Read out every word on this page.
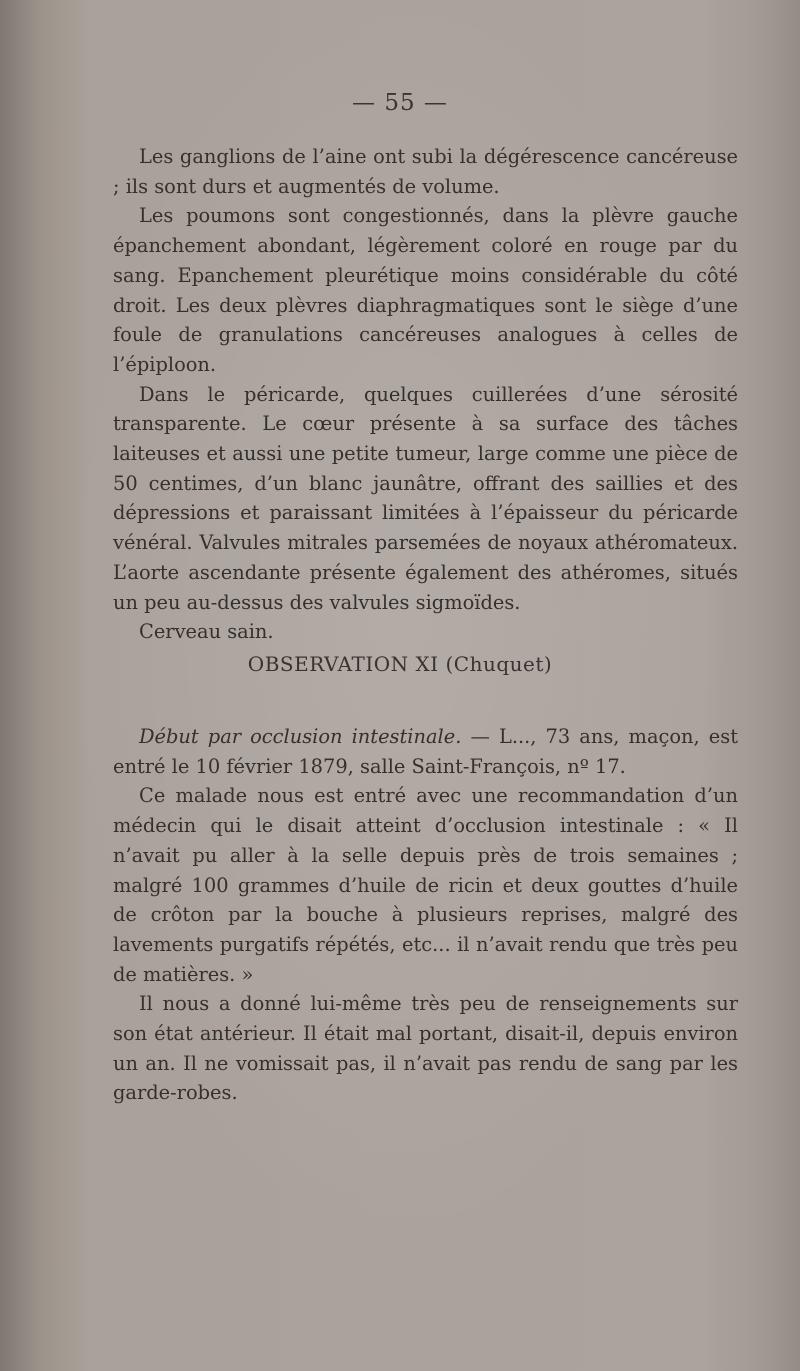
— 55 —

Les ganglions de l’aine ont subi la dégérescence cancéreuse ; ils sont durs et augmentés de volume.

Les poumons sont congestionnés, dans la plèvre gauche épanchement abondant, légèrement coloré en rouge par du sang. Epanchement pleurétique moins considérable du côté droit. Les deux plèvres diaphragmatiques sont le siège d’une foule de granulations cancéreuses analogues à celles de l’épiploon.

Dans le péricarde, quelques cuillerées d’une sérosité transparente. Le cœur présente à sa surface des tâches laiteuses et aussi une petite tumeur, large comme une pièce de 50 centimes, d’un blanc jaunâtre, offrant des saillies et des dépressions et paraissant limitées à l’épaisseur du péricarde vénéral. Valvules mitrales parsemées de noyaux athéromateux. L’aorte ascendante présente également des athéromes, situés un peu au-dessus des valvules sigmoïdes.

Cerveau sain.

OBSERVATION XI (Chuquet)

Début par occlusion intestinale. — L..., 73 ans, maçon, est entré le 10 février 1879, salle Saint-François, nº 17.

Ce malade nous est entré avec une recommandation d’un médecin qui le disait atteint d’occlusion intestinale : « Il n’avait pu aller à la selle depuis près de trois semaines ; malgré 100 grammes d’huile de ricin et deux gouttes d’huile de crôton par la bouche à plusieurs reprises, malgré des lavements purgatifs répétés, etc... il n’avait rendu que très peu de matières. »

Il nous a donné lui-même très peu de renseignements sur son état antérieur. Il était mal portant, disait-il, depuis environ un an. Il ne vomissait pas, il n’avait pas rendu de sang par les garde-robes.
